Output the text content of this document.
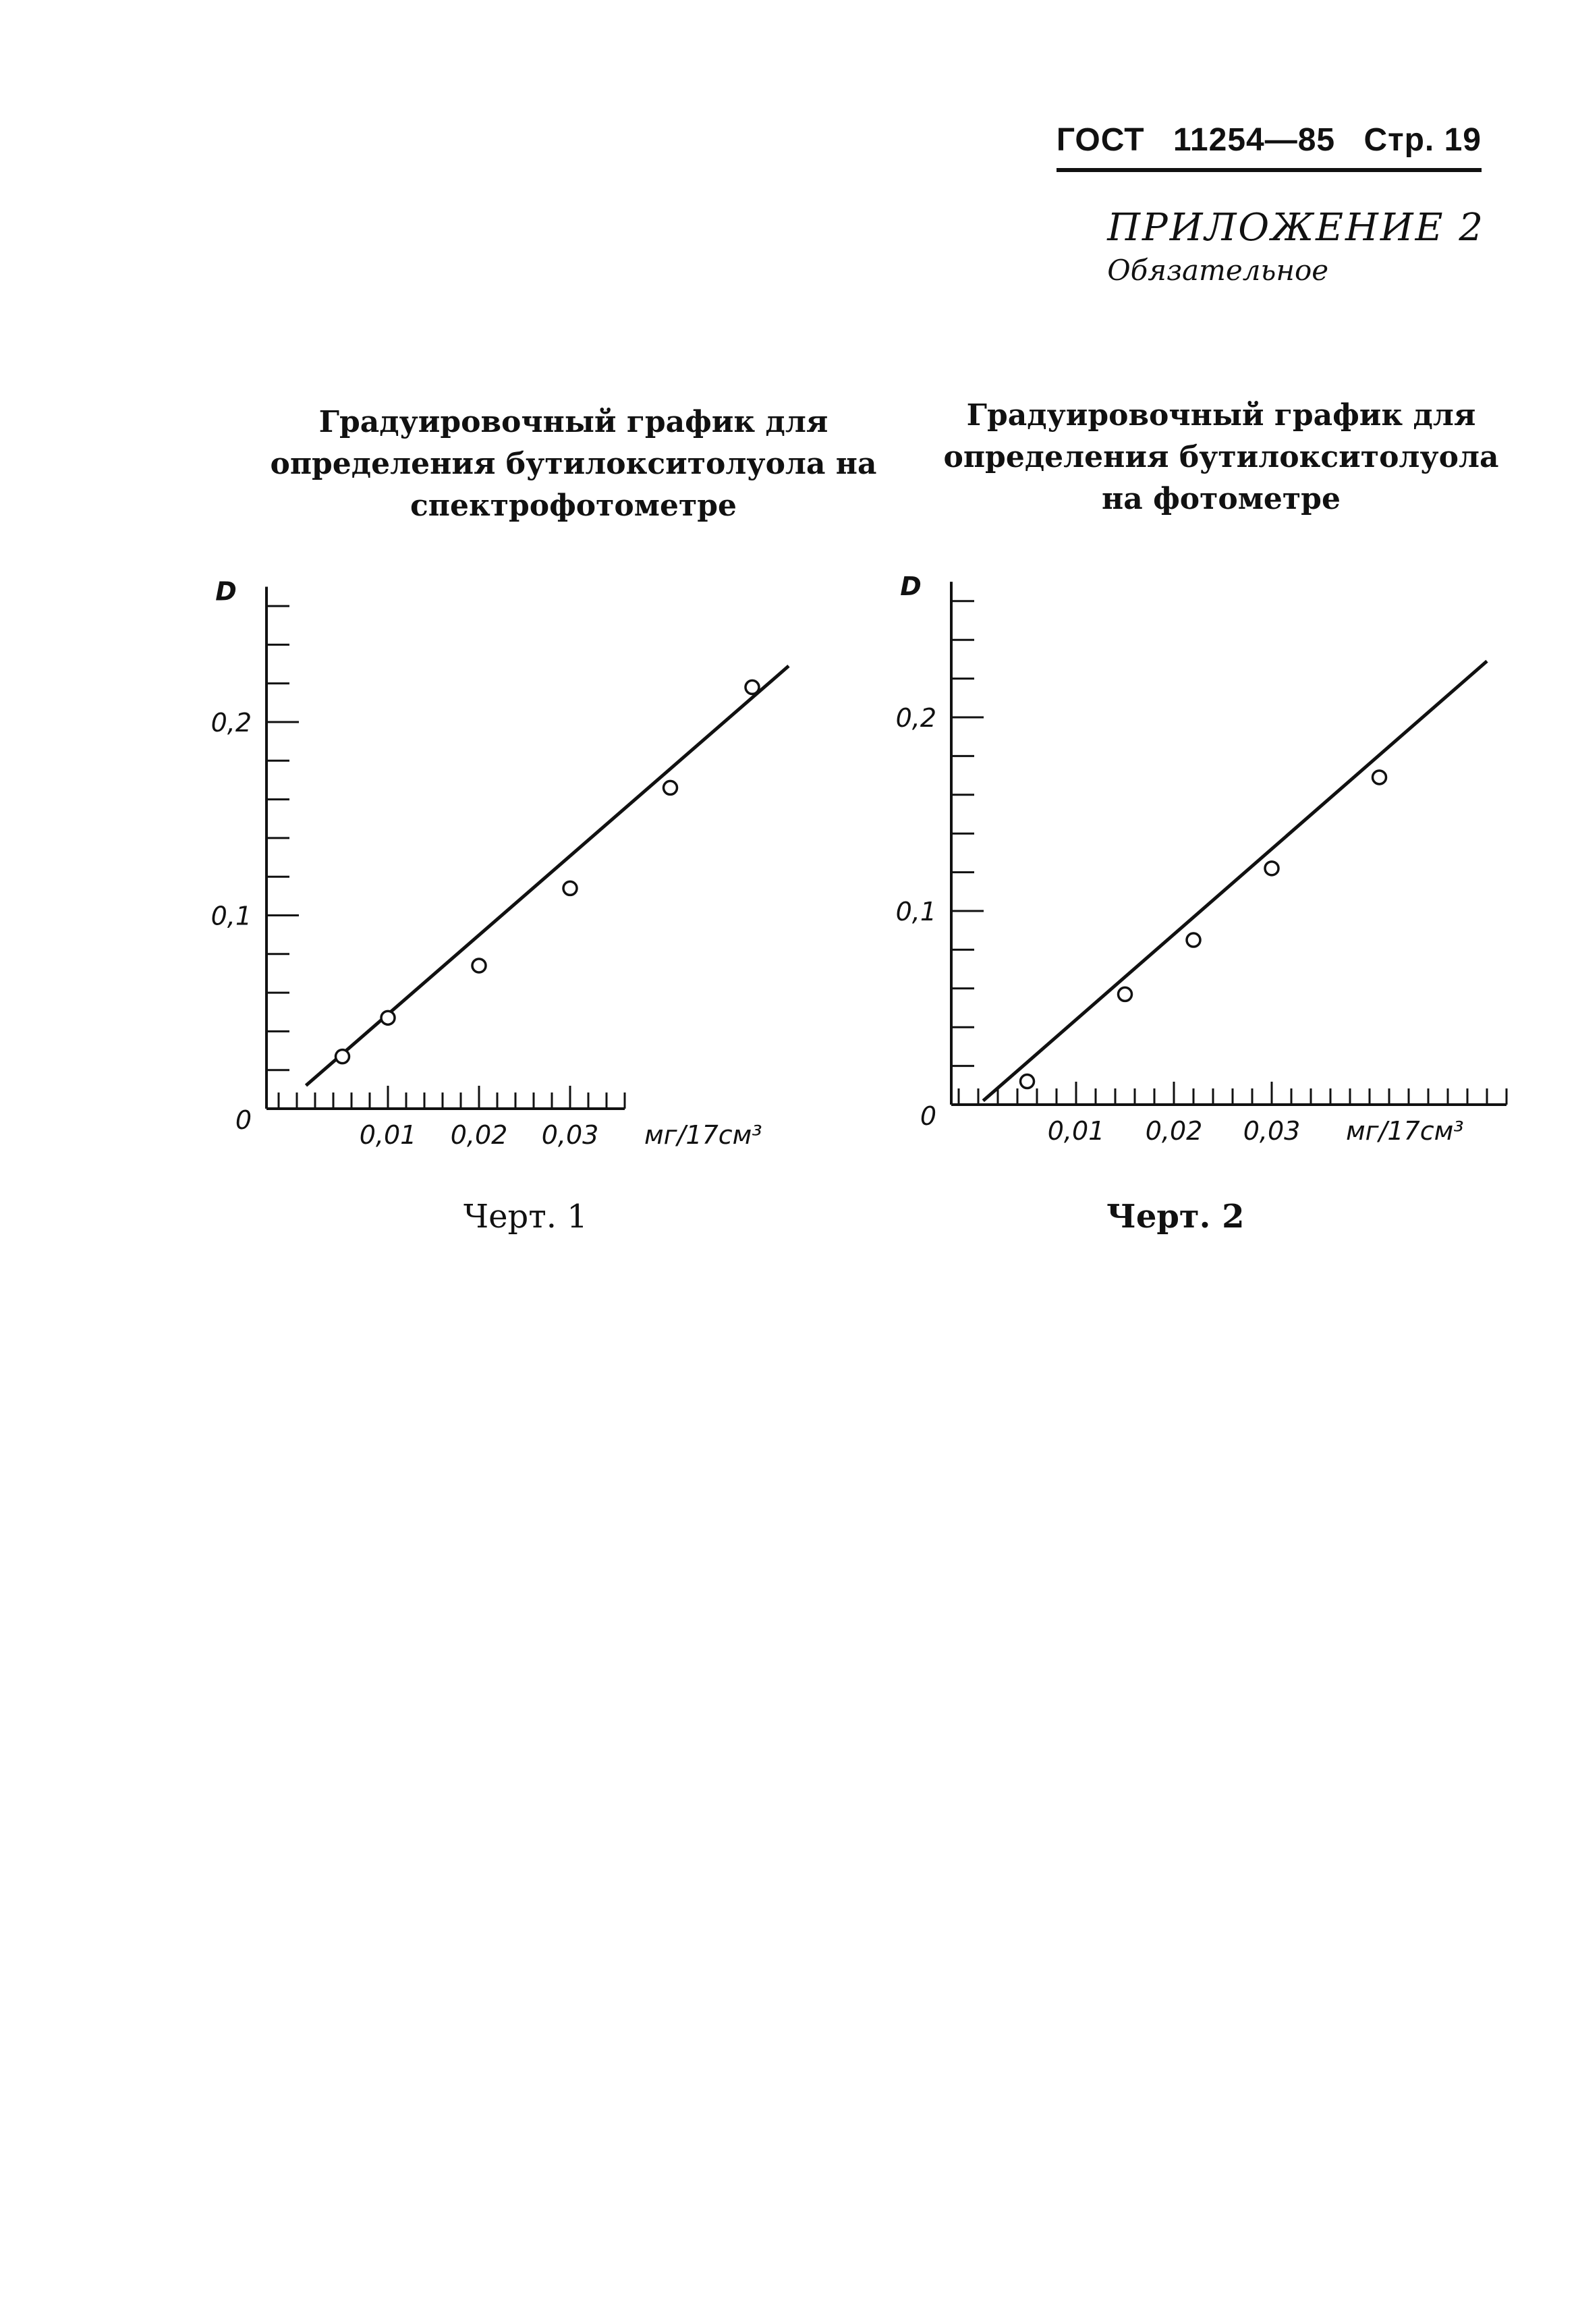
ГОСТ 11254—85 Стр. 19
ПРИЛОЖЕНИЕ 2
Обязательное
Градуировочный график для определения бутилокситолуола на спектрофотометре
Градуировочный график для определения бутилокситолуола на фотометре
0
0,1
0,2
0,01 0,02 0,03
D
мг/17см³
0
0,1
0,2
0,01 0,02 0,03
D
мг/17см³
Черт. 1	Черт. 2
